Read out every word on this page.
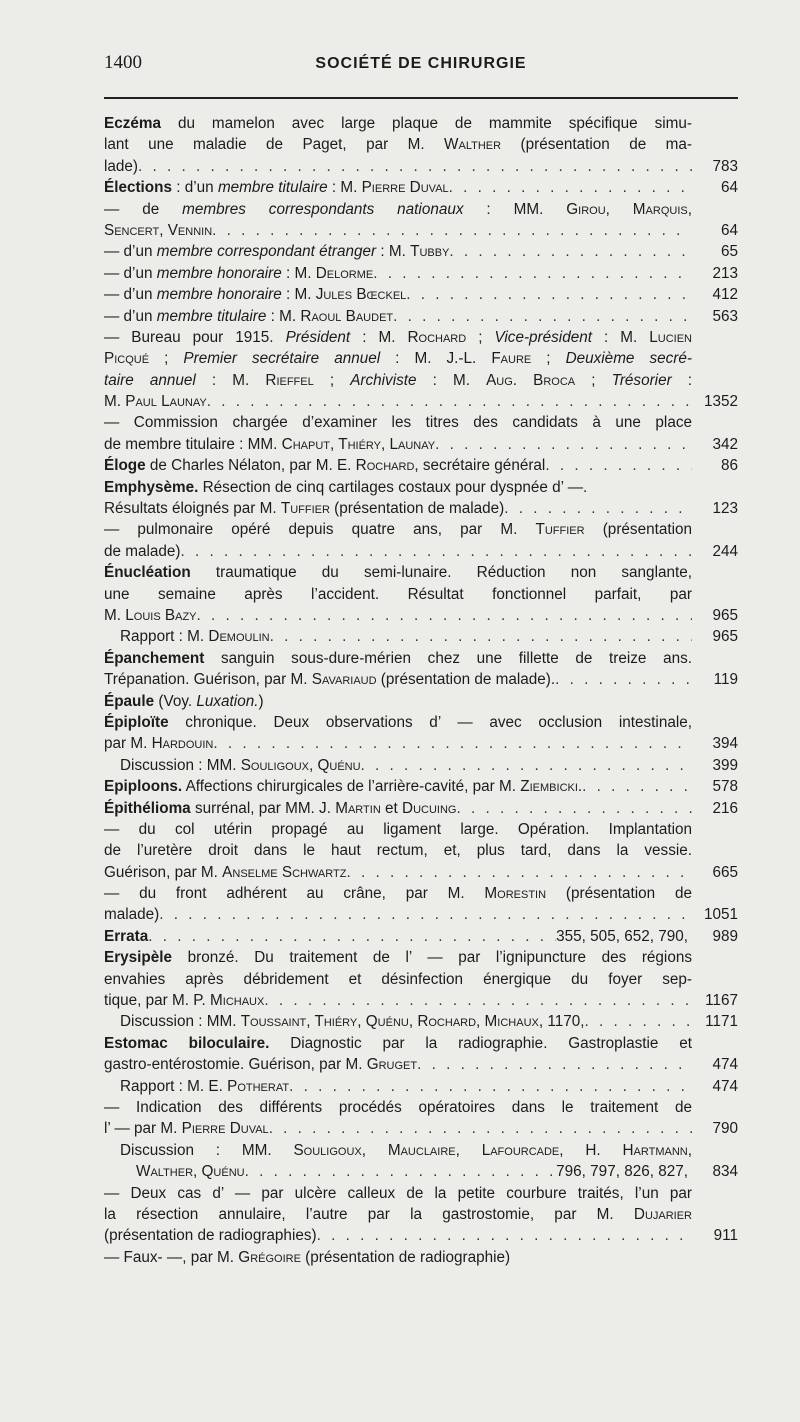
1400	SOCIÉTÉ DE CHIRURGIE
Eczéma du mamelon avec large plaque de mammite spécifique simu-
lant une maladie de Paget, par M. Walther (présentation de ma-
lade) . . .	783
Élections : d’un membre titulaire : M. Pierre Duval . . .	64
— de membres correspondants nationaux : MM. Girou, Marquis,
Sencert, Vennin . . .	64
— d’un membre correspondant étranger : M. Tubby . . .	65
— d’un membre honoraire : M. Delorme . . .	213
— d’un membre honoraire : M. Jules Bœckel . . .	412
— d’un membre titulaire : M. Raoul Baudet . . .	563
— Bureau pour 1915. Président : M. Rochard ; Vice-président : M. Lucien
Picqué ; Premier secrétaire annuel : M. J.-L. Faure ; Deuxième secré-
taire annuel : M. Rieffel ; Archiviste : M. Aug. Broca ; Trésorier :
M. Paul Launay . . .	1352
— Commission chargée d’examiner les titres des candidats à une place
de membre titulaire : MM. Chaput, Thiéry, Launay . . .	342
Éloge de Charles Nélaton, par M. E. Rochard, secrétaire général . . .	86
Emphysème. Résection de cinq cartilages costaux pour dyspnée d’ —.
Résultats éloignés par M. Tuffier (présentation de malade) . . .	123
— pulmonaire opéré depuis quatre ans, par M. Tuffier (présentation
de malade) . . .	244
Énucléation traumatique du semi-lunaire. Réduction non sanglante,
une semaine après l’accident. Résultat fonctionnel parfait, par
M. Louis Bazy . . .	965
Rapport : M. Demoulin . . .	965
Épanchement sanguin sous-dure-mérien chez une fillette de treize ans.
Trépanation. Guérison, par M. Savariaud (présentation de malade). . . .	119
Épaule (Voy. Luxation.)
Épiploïte chronique. Deux observations d’ — avec occlusion intestinale,
par M. Hardouin . . .	394
Discussion : MM. Souligoux, Quénu . . .	399
Epiploons. Affections chirurgicales de l’arrière-cavité, par M. Ziembicki. . . .	578
Épithélioma surrénal, par MM. J. Martin et Ducuing . . .	216
— du col utérin propagé au ligament large. Opération. Implantation
de l’uretère droit dans le haut rectum, et, plus tard, dans la vessie.
Guérison, par M. Anselme Schwartz . . .	665
— du front adhérent au crâne, par M. Morestin (présentation de
malade) . . .	1051
Errata . . .	355, 505, 652, 790, 989
Erysipèle bronzé. Du traitement de l’ — par l’ignipuncture des régions
envahies après débridement et désinfection énergique du foyer sep-
tique, par M. P. Michaux . . .	1167
Discussion : MM. Toussaint, Thiéry, Quénu, Rochard, Michaux, 1170, . . .	1171
Estomac biloculaire. Diagnostic par la radiographie. Gastroplastie et
gastro-entérostomie. Guérison, par M. Gruget . . .	474
Rapport : M. E. Potherat . . .	474
— Indication des différents procédés opératoires dans le traitement de
l’ — par M. Pierre Duval . . .	790
Discussion : MM. Souligoux, Mauclaire, Lafourcade, H. Hartmann,
Walther, Quénu . . .	796, 797, 826, 827, 834
— Deux cas d’ — par ulcère calleux de la petite courbure traités, l’un par
la résection annulaire, l’autre par la gastrostomie, par M. Dujarier
(présentation de radiographies) . . .	911
— Faux- —, par M. Grégoire (présentation de radiographie)
